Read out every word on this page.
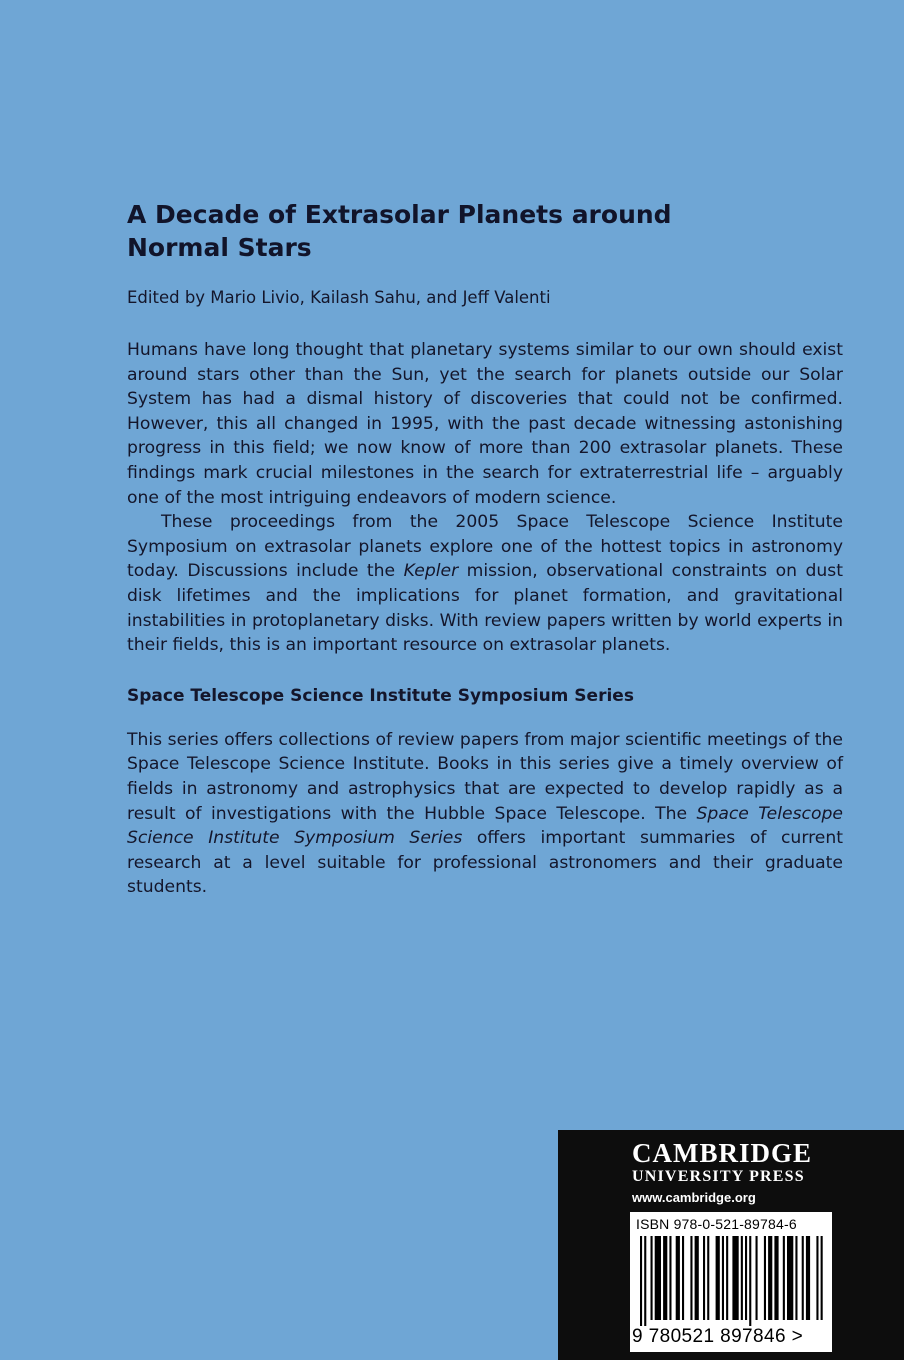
A Decade of Extrasolar Planets around
Normal Stars

Edited by Mario Livio, Kailash Sahu, and Jeff Valenti

Humans have long thought that planetary systems similar to our own should exist around stars other than the Sun, yet the search for planets outside our Solar System has had a dismal history of discoveries that could not be confirmed. However, this all changed in 1995, with the past decade witnessing astonishing progress in this field; we now know of more than 200 extrasolar planets. These findings mark crucial milestones in the search for extraterrestrial life – arguably one of the most intriguing endeavors of modern science.

These proceedings from the 2005 Space Telescope Science Institute Symposium on extrasolar planets explore one of the hottest topics in astronomy today. Discussions include the Kepler mission, observational constraints on dust disk lifetimes and the implications for planet formation, and gravitational instabilities in protoplanetary disks. With review papers written by world experts in their fields, this is an important resource on extrasolar planets.

Space Telescope Science Institute Symposium Series

This series offers collections of review papers from major scientific meetings of the Space Telescope Science Institute. Books in this series give a timely overview of fields in astronomy and astrophysics that are expected to develop rapidly as a result of investigations with the Hubble Space Telescope. The Space Telescope Science Institute Symposium Series offers important summaries of current research at a level suitable for professional astronomers and their graduate students.

CAMBRIDGE
UNIVERSITY PRESS
www.cambridge.org
ISBN 978-0-521-89784-6
9 780521 897846 >
